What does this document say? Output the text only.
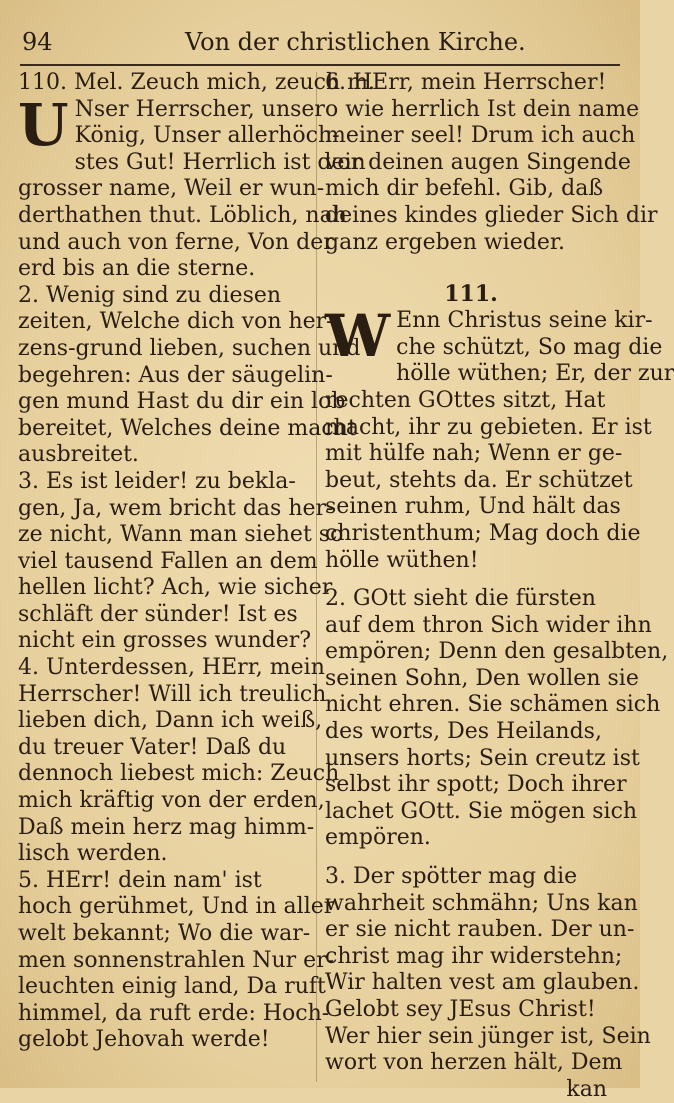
94	Von der christlichen Kirche.
110. Mel. Zeuch mich, zeuch m.
U Nser Herrscher, unser
König, Unser allerhöch-
stes Gut! Herrlich ist dein
grosser name, Weil er wun-
derthathen thut. Löblich, nah
und auch von ferne, Von der
erd bis an die sterne.
2. Wenig sind zu diesen
zeiten, Welche dich von her-
zens-grund lieben, suchen und
begehren: Aus der säugelin-
gen mund Hast du dir ein lob
bereitet, Welches deine macht
ausbreitet.
3. Es ist leider! zu bekla-
gen, Ja, wem bricht das her-
ze nicht, Wann man siehet so
viel tausend Fallen an dem
hellen licht? Ach, wie sicher
schläft der sünder! Ist es
nicht ein grosses wunder?
4. Unterdessen, HErr, mein
Herrscher! Will ich treulich
lieben dich, Dann ich weiß,
du treuer Vater! Daß du
dennoch liebest mich: Zeuch
mich kräftig von der erden,
Daß mein herz mag himm-
lisch werden.
5. HErr! dein nam' ist
hoch gerühmet, Und in aller
welt bekannt; Wo die war-
men sonnenstrahlen Nur er-
leuchten einig land, Da ruft
himmel, da ruft erde: Hoch-
gelobt Jehovah werde!
6. HErr, mein Herrscher!
o wie herrlich Ist dein name
meiner seel! Drum ich auch
vor deinen augen Singende
mich dir befehl. Gib, daß
deines kindes glieder Sich dir
ganz ergeben wieder.
111.
W Enn Christus seine kir-
che schützt, So mag die
hölle wüthen; Er, der zur
rechten GOttes sitzt, Hat
macht, ihr zu gebieten. Er ist
mit hülfe nah; Wenn er ge-
beut, stehts da. Er schützet
seinen ruhm, Und hält das
christenthum; Mag doch die
hölle wüthen!
2. GOtt sieht die fürsten
auf dem thron Sich wider ihn
empören; Denn den gesalbten,
seinen Sohn, Den wollen sie
nicht ehren. Sie schämen sich
des worts, Des Heilands,
unsers horts; Sein creutz ist
selbst ihr spott; Doch ihrer
lachet GOtt. Sie mögen sich
empören.
3. Der spötter mag die
wahrheit schmähn; Uns kan
er sie nicht rauben. Der un-
christ mag ihr widerstehn;
Wir halten vest am glauben.
Gelobt sey JEsus Christ!
Wer hier sein jünger ist, Sein
wort von herzen hält, Dem
kan
